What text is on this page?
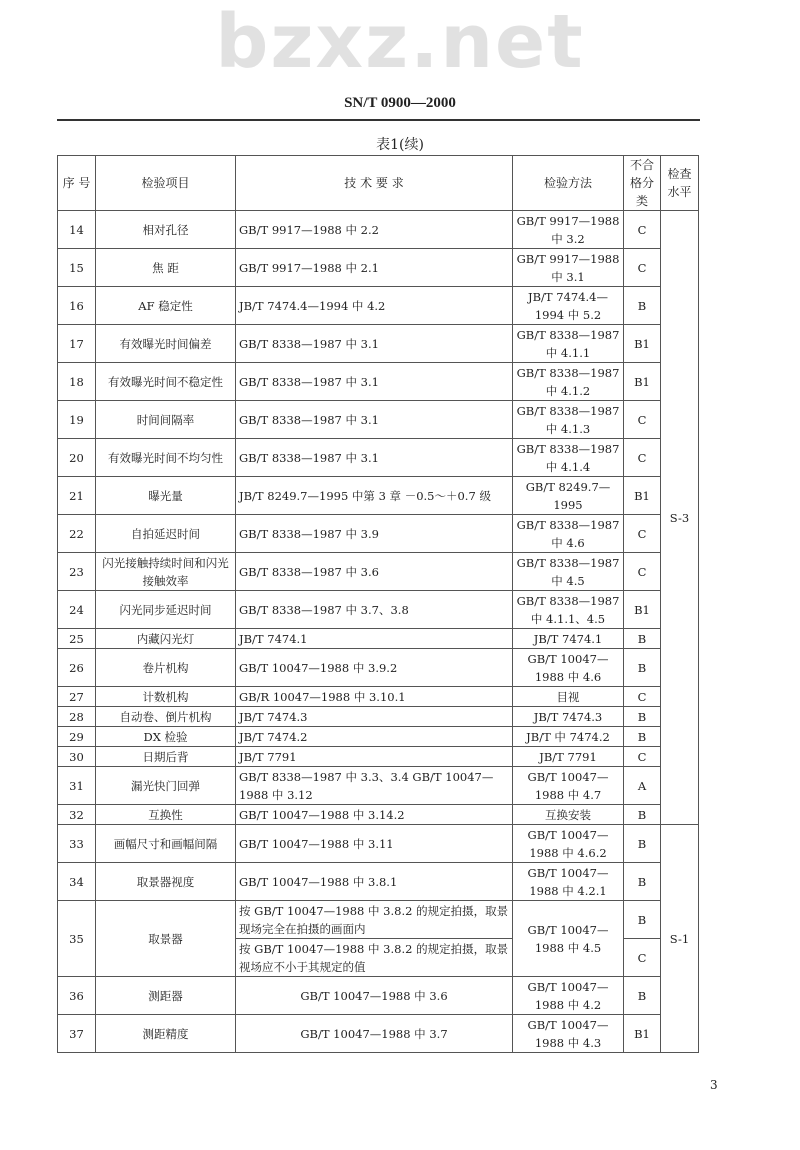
bzxz.net
SN/T 0900—2000
表1(续)
序 号	检验项目	技 术 要 求	检验方法	不合格分类	检查水平
14	相对孔径	GB/T 9917—1988 中 2.2	GB/T 9917—1988 中 3.2	C	S-3
15	焦 距	GB/T 9917—1988 中 2.1	GB/T 9917—1988 中 3.1	C	
16	AF 稳定性	JB/T 7474.4—1994 中 4.2	JB/T 7474.4—1994 中 5.2	B	
17	有效曝光时间偏差	GB/T 8338—1987 中 3.1	GB/T 8338—1987 中 4.1.1	B1	
18	有效曝光时间不稳定性	GB/T 8338—1987 中 3.1	GB/T 8338—1987 中 4.1.2	B1	
19	时间间隔率	GB/T 8338—1987 中 3.1	GB/T 8338—1987 中 4.1.3	C	
20	有效曝光时间不均匀性	GB/T 8338—1987 中 3.1	GB/T 8338—1987 中 4.1.4	C	
21	曝光量	JB/T 8249.7—1995 中第 3 章 －0.5～＋0.7 级	GB/T 8249.7—1995	B1	
22	自拍延迟时间	GB/T 8338—1987 中 3.9	GB/T 8338—1987 中 4.6	C	
23	闪光接触持续时间和闪光接触效率	GB/T 8338—1987 中 3.6	GB/T 8338—1987 中 4.5	C	
24	闪光同步延迟时间	GB/T 8338—1987 中 3.7、3.8	GB/T 8338—1987 中 4.1.1、4.5	B1	
25	内藏闪光灯	JB/T 7474.1	JB/T 7474.1	B	
26	卷片机构	GB/T 10047—1988 中 3.9.2	GB/T 10047—1988 中 4.6	B	
27	计数机构	GB/R 10047—1988 中 3.10.1	目视	C	
28	自动卷、倒片机构	JB/T 7474.3	JB/T 7474.3	B	
29	DX 检验	JB/T 7474.2	JB/T 中 7474.2	B	
30	日期后背	JB/T 7791	JB/T 7791	C	
31	漏光快门回弹	GB/T 8338—1987 中 3.3、3.4 GB/T 10047—1988 中 3.12	GB/T 10047—1988 中 4.7	A	
32	互换性	GB/T 10047—1988 中 3.14.2	互换安装	B	
33	画幅尺寸和画幅间隔	GB/T 10047—1988 中 3.11	GB/T 10047—1988 中 4.6.2	B	S-1
34	取景器视度	GB/T 10047—1988 中 3.8.1	GB/T 10047—1988 中 4.2.1	B	
35	取景器	按 GB/T 10047—1988 中 3.8.2 的规定拍摄，取景现场完全在拍摄的画面内	GB/T 10047—1988 中 4.5	B	
		按 GB/T 10047—1988 中 3.8.2 的规定拍摄，取景视场应不小于其规定的值		C	
36	测距器	GB/T 10047—1988 中 3.6	GB/T 10047—1988 中 4.2	B	
37	测距精度	GB/T 10047—1988 中 3.7	GB/T 10047—1988 中 4.3	B1	
3
